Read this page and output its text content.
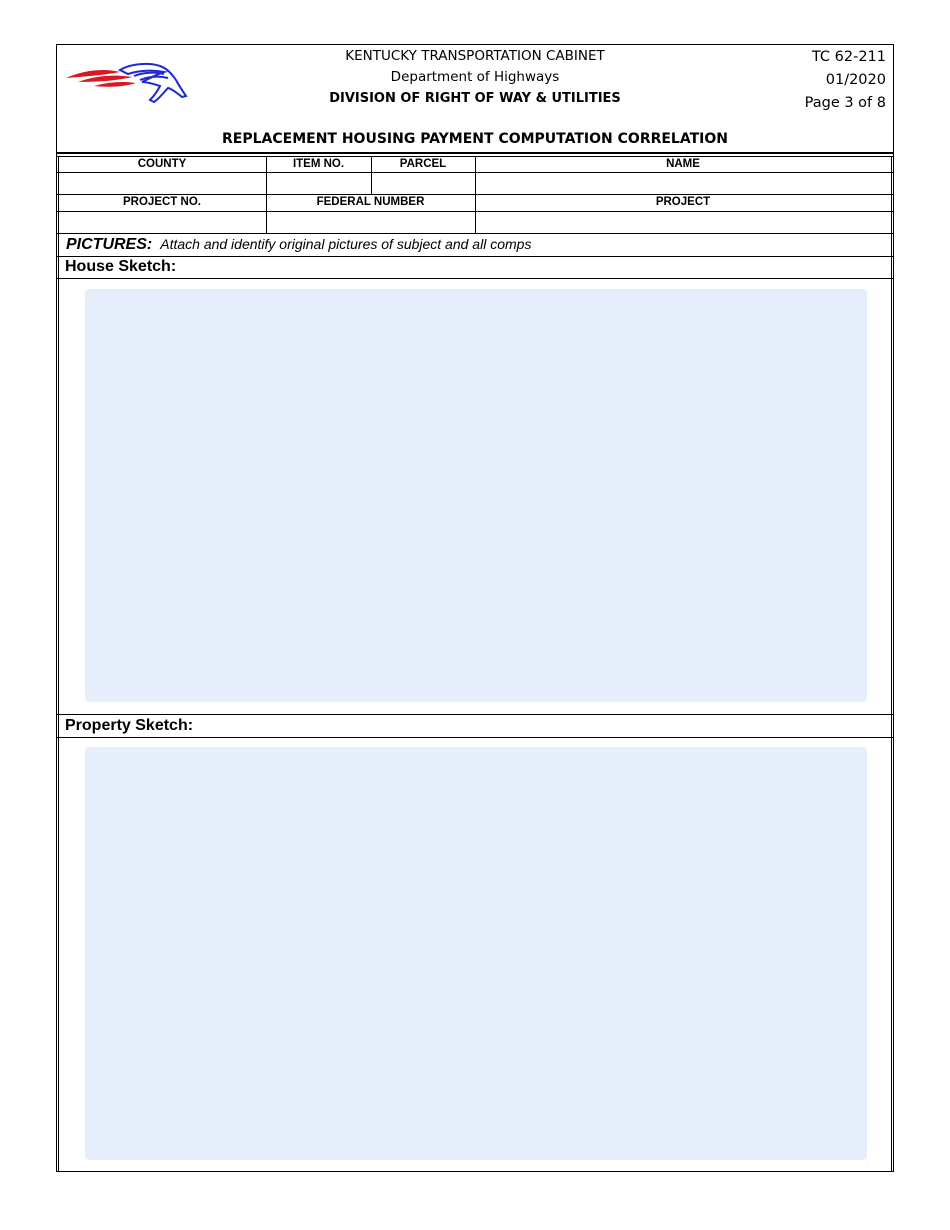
KENTUCKY TRANSPORTATION CABINET
Department of Highways
DIVISION OF RIGHT OF WAY & UTILITIES
TC 62-211
01/2020
Page 3 of 8
REPLACEMENT HOUSING PAYMENT COMPUTATION CORRELATION
COUNTY	ITEM NO.	PARCEL	NAME
PROJECT NO.	FEDERAL NUMBER	PROJECT
PICTURES: Attach and identify original pictures of subject and all comps
House Sketch:
Property Sketch:
